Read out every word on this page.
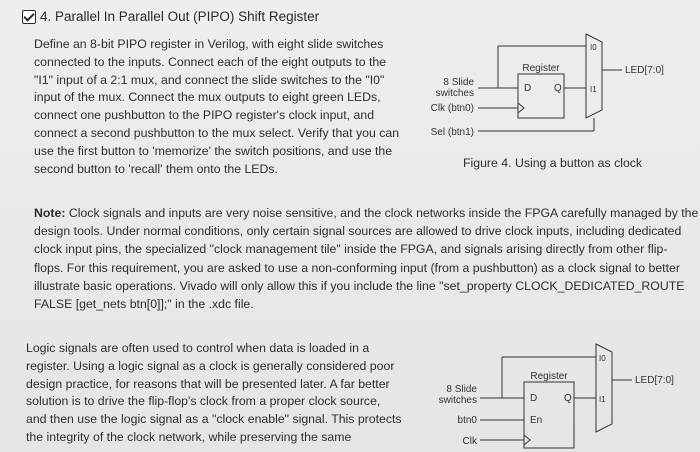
4. Parallel In Parallel Out (PIPO) Shift Register
Define an 8-bit PIPO register in Verilog, with eight slide switches
connected to the inputs. Connect each of the eight outputs to the
"I1" input of a 2:1 mux, and connect the slide switches to the "I0"
input of the mux. Connect the mux outputs to eight green LEDs,
connect one pushbutton to the PIPO register's clock input, and
connect a second pushbutton to the mux select. Verify that you can
use the first button to 'memorize' the switch positions, and use the
second button to 'recall' them onto the LEDs.
8 Slide
switches
Clk (btn0)
Sel (btn1)
Register
D Q
I0
I1
LED[7:0]
Figure 4. Using a button as clock
Note: Clock signals and inputs are very noise sensitive, and the clock networks inside the FPGA carefully managed by the
design tools. Under normal conditions, only certain signal sources are allowed to drive clock inputs, including dedicated
clock input pins, the specialized "clock management tile" inside the FPGA, and signals arising directly from other flip-
flops. For this requirement, you are asked to use a non-conforming input (from a pushbutton) as a clock signal to better
illustrate basic operations. Vivado will only allow this if you include the line "set_property CLOCK_DEDICATED_ROUTE
FALSE [get_nets btn[0]];" in the .xdc file.
Logic signals are often used to control when data is loaded in a
register. Using a logic signal as a clock is generally considered poor
design practice, for reasons that will be presented later. A far better
solution is to drive the flip-flop's clock from a proper clock source,
and then use the logic signal as a "clock enable" signal. This protects
the integrity of the clock network, while preserving the same
8 Slide
switches
btn0
Clk
Register
D	Q
En
I0
I1
LED[7:0]
